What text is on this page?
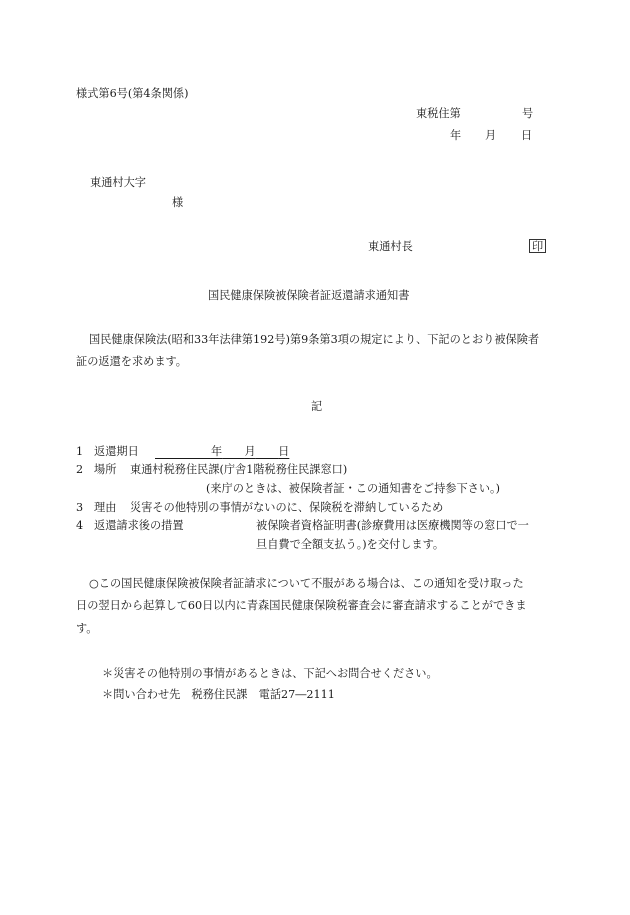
様式第6号(第4条関係)
東税住第	号
年 月 日
東通村大字
様
東通村長	印
国民健康保険被保険者証返還請求通知書
国民健康保険法(昭和33年法律第192号)第9条第3項の規定により、下記のとおり被保険者
証の返還を求めます。
記
1 返還期日
　　　　　	年　　 月　　 日
2 場所 東通村税務住民課(庁舎1階税務住民課窓口)
(来庁のときは、被保険者証・この通知書をご持参下さい。)
3 理由 災害その他特別の事情がないのに、保険税を滞納しているため
4 返還請求後の措置	被保険者資格証明書(診療費用は医療機関等の窓口で一
旦自費で全額支払う。)を交付します。
○この国民健康保険被保険者証請求について不服がある場合は、この通知を受け取った
日の翌日から起算して60日以内に青森国民健康保険税審査会に審査請求することができま
す。
＊災害その他特別の事情があるときは、下記へお問合せください。
＊問い合わせ先　税務住民課　電話27―2111
